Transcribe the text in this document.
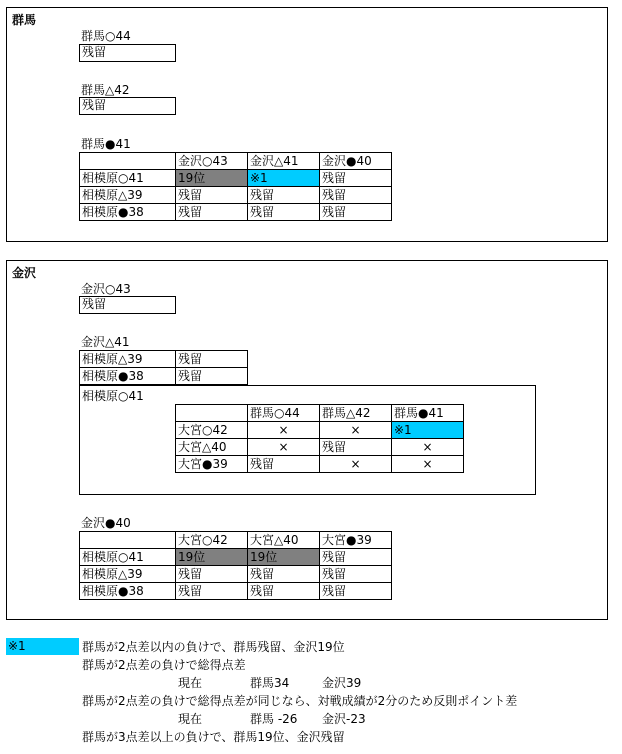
群馬
群馬○44
残留
群馬△42
残留
群馬●41
	金沢○43	金沢△41	金沢●40
相模原○41	19位	※1	残留
相模原△39	残留	残留	残留
相模原●38	残留	残留	残留
金沢
金沢○43
残留
金沢△41
相模原△39	残留
相模原●38	残留
相模原○41
	群馬○44	群馬△42	群馬●41
大宮○42	×	×	※1
大宮△40	×	残留	×
大宮●39	残留	×	×
金沢●40
	大宮○42	大宮△40	大宮●39
相模原○41	19位	19位	残留
相模原△39	残留	残留	残留
相模原●38	残留	残留	残留
※1	群馬が2点差以内の負けで、群馬残留、金沢19位
群馬が2点差の負けで総得点差
現在	群馬34	金沢39
群馬が2点差の負けで総得点差が同じなら、対戦成績が2分のため反則ポイント差
現在	群馬 -26 金沢-23
群馬が3点差以上の負けで、群馬19位、金沢残留
